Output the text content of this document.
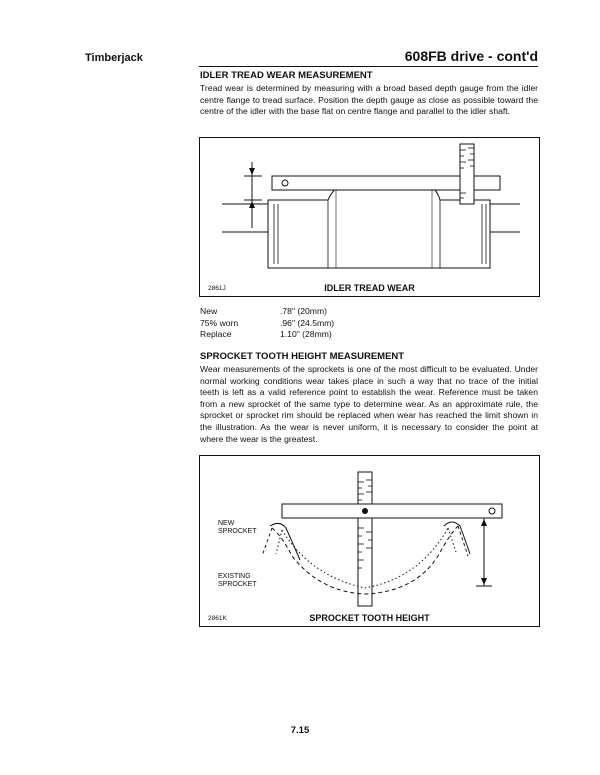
Timberjack	608FB drive - cont'd
IDLER TREAD WEAR MEASUREMENT
Tread wear is determined by measuring with a broad based depth gauge from the idler centre flange to tread surface. Position the depth gauge as close as possible toward the centre of the idler with the base flat on centre flange and parallel to the idler shaft.
2861J	IDLER TREAD WEAR
New	.78" (20mm)
75% worn	.96" (24.5mm)
Replace	1.10" (28mm)
SPROCKET TOOTH HEIGHT MEASUREMENT
Wear measurements of the sprockets is one of the most difficult to be evaluated. Under normal working conditions wear takes place in such a way that no trace of the initial teeth is left as a valid reference point to establish the wear. Reference must be taken from a new sprocket of the same type to determine wear. As an approximate rule, the sprocket or sprocket rim should be replaced when wear has reached the limit shown in the illustration. As the wear is never uniform, it is necessary to consider the point at where the wear is the greatest.
NEW
SPROCKET
EXISTING
SPROCKET
2861K	SPROCKET TOOTH HEIGHT
7.15
